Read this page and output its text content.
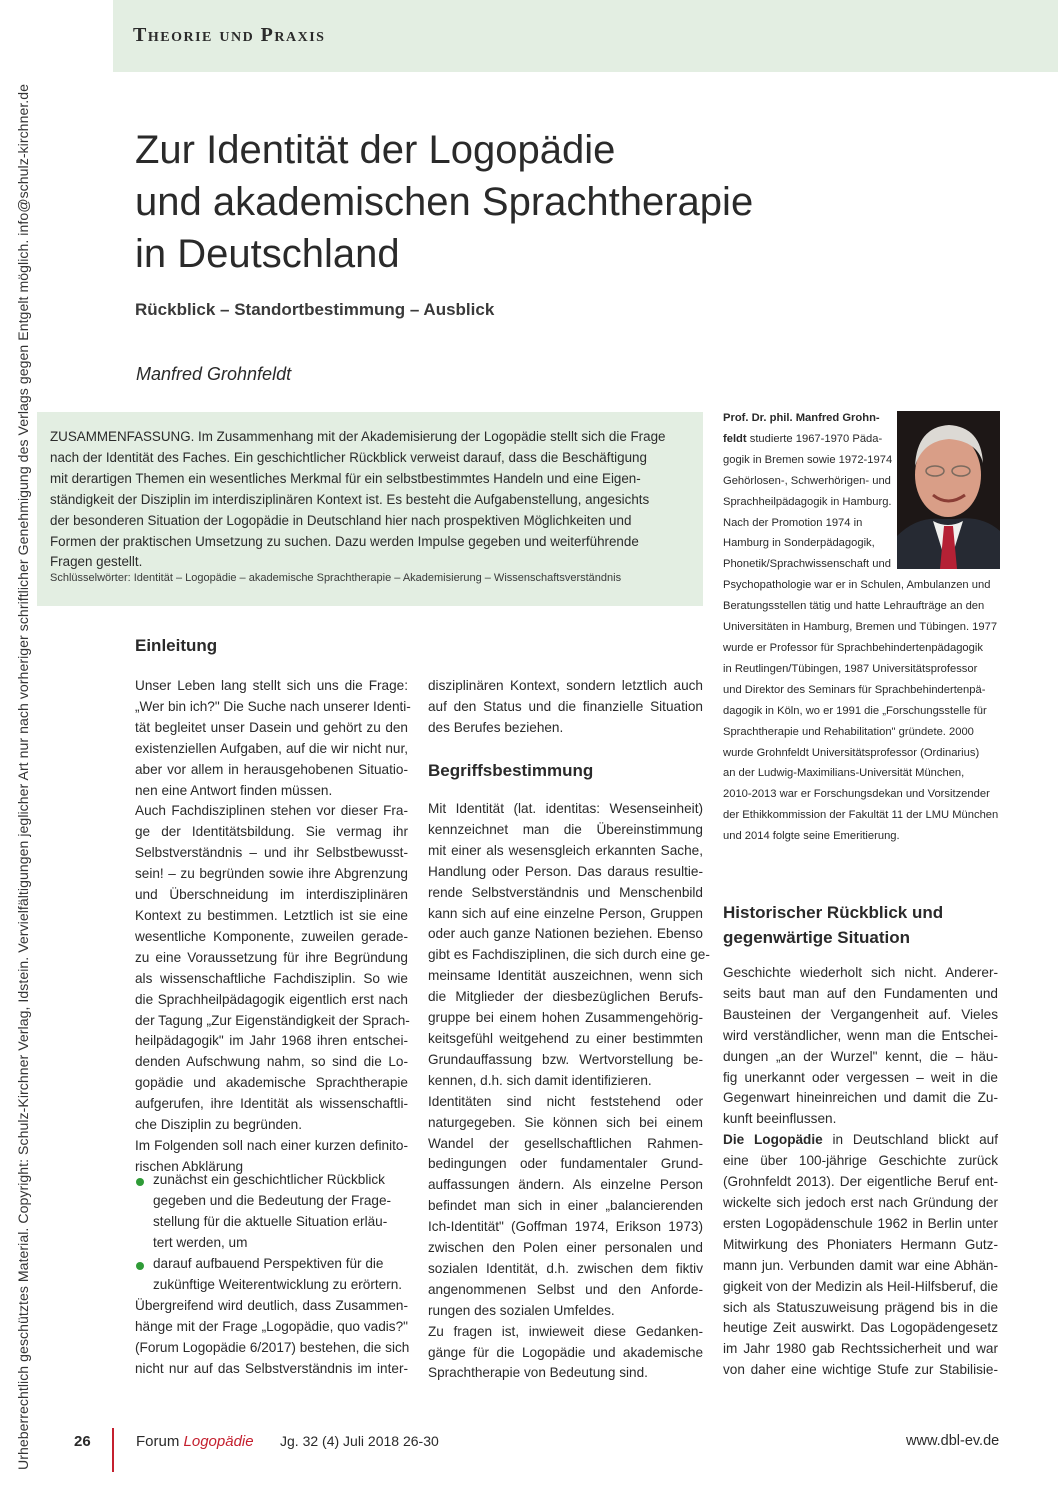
Urheberrechtlich geschütztes Material. Copyright: Schulz-Kirchner Verlag, Idstein. Vervielfältigungen jeglicher Art nur nach vorheriger schriftlicher Genehmigung des Verlags gegen Entgelt möglich. info@schulz-kirchner.de
Theorie und Praxis
Zur Identität der Logopädie
und akademischen Sprachtherapie
in Deutschland
Rückblick – Standortbestimmung – Ausblick
Manfred Grohnfeldt
ZUSAMMENFASSUNG. Im Zusammenhang mit der Akademisierung der Logopädie stellt sich die Frage
nach der Identität des Faches. Ein geschichtlicher Rückblick verweist darauf, dass die Beschäftigung
mit derartigen Themen ein wesentliches Merkmal für ein selbstbestimmtes Handeln und eine Eigen-
ständigkeit der Disziplin im interdisziplinären Kontext ist. Es besteht die Aufgabenstellung, angesichts
der besonderen Situation der Logopädie in Deutschland hier nach prospektiven Möglichkeiten und
Formen der praktischen Umsetzung zu suchen. Dazu werden Impulse gegeben und weiterführende
Fragen gestellt.
Schlüsselwörter: Identität – Logopädie – akademische Sprachtherapie – Akademisierung – Wissenschaftsverständnis
Prof. Dr. phil. Manfred Grohn-
feldt studierte 1967-1970 Päda-
gogik in Bremen sowie 1972-1974
Gehörlosen-, Schwerhörigen- und
Sprachheilpädagogik in Hamburg.
Nach der Promotion 1974 in
Hamburg in Sonderpädagogik,
Phonetik/Sprachwissenschaft und
Psychopathologie war er in Schulen, Ambulanzen und
Beratungsstellen tätig und hatte Lehraufträge an den
Universitäten in Hamburg, Bremen und Tübingen. 1977
wurde er Professor für Sprachbehindertenpädagogik
in Reutlingen/Tübingen, 1987 Universitätsprofessor
und Direktor des Seminars für Sprachbehindertenpä-
dagogik in Köln, wo er 1991 die „Forschungsstelle für
Sprachtherapie und Rehabilitation" gründete. 2000
wurde Grohnfeldt Universitätsprofessor (Ordinarius)
an der Ludwig-Maximilians-Universität München,
2010-2013 war er Forschungsdekan und Vorsitzender
der Ethikkommission der Fakultät 11 der LMU München
und 2014 folgte seine Emeritierung.
Einleitung
Unser Leben lang stellt sich uns die Frage:
„Wer bin ich?" Die Suche nach unserer Identi-
tät begleitet unser Dasein und gehört zu den
existenziellen Aufgaben, auf die wir nicht nur,
aber vor allem in herausgehobenen Situatio-
nen eine Antwort finden müssen.
Auch Fachdisziplinen stehen vor dieser Fra-
ge der Identitätsbildung. Sie vermag ihr
Selbstverständnis – und ihr Selbstbewusst-
sein! – zu begründen sowie ihre Abgrenzung
und Überschneidung im interdisziplinären
Kontext zu bestimmen. Letztlich ist sie eine
wesentliche Komponente, zuweilen gerade-
zu eine Voraussetzung für ihre Begründung
als wissenschaftliche Fachdisziplin. So wie
die Sprachheilpädagogik eigentlich erst nach
der Tagung „Zur Eigenständigkeit der Sprach-
heilpädagogik" im Jahr 1968 ihren entschei-
denden Aufschwung nahm, so sind die Lo-
gopädie und akademische Sprachtherapie
aufgerufen, ihre Identität als wissenschaftli-
che Disziplin zu begründen.
Im Folgenden soll nach einer kurzen definito-
rischen Abklärung
zunächst ein geschichtlicher Rückblick
gegeben und die Bedeutung der Frage-
stellung für die aktuelle Situation erläu-
tert werden, um
darauf aufbauend Perspektiven für die
zukünftige Weiterentwicklung zu erörtern.
Übergreifend wird deutlich, dass Zusammen-
hänge mit der Frage „Logopädie, quo vadis?"
(Forum Logopädie 6/2017) bestehen, die sich
nicht nur auf das Selbstverständnis im inter-
disziplinären Kontext, sondern letztlich auch
auf den Status und die finanzielle Situation
des Berufes beziehen.
Begriffsbestimmung
Mit Identität (lat. identitas: Wesenseinheit)
kennzeichnet man die Übereinstimmung
mit einer als wesensgleich erkannten Sache,
Handlung oder Person. Das daraus resultie-
rende Selbstverständnis und Menschenbild
kann sich auf eine einzelne Person, Gruppen
oder auch ganze Nationen beziehen. Ebenso
gibt es Fachdisziplinen, die sich durch eine ge-
meinsame Identität auszeichnen, wenn sich
die Mitglieder der diesbezüglichen Berufs-
gruppe bei einem hohen Zusammengehörig-
keitsgefühl weitgehend zu einer bestimmten
Grundauffassung bzw. Wertvorstellung be-
kennen, d.h. sich damit identifizieren.
Identitäten sind nicht feststehend oder
naturgegeben. Sie können sich bei einem
Wandel der gesellschaftlichen Rahmen-
bedingungen oder fundamentaler Grund-
auffassungen ändern. Als einzelne Person
befindet man sich in einer „balancierenden
Ich-Identität" (Goffman 1974, Erikson 1973)
zwischen den Polen einer personalen und
sozialen Identität, d.h. zwischen dem fiktiv
angenommenen Selbst und den Anforde-
rungen des sozialen Umfeldes.
Zu fragen ist, inwieweit diese Gedanken-
gänge für die Logopädie und akademische
Sprachtherapie von Bedeutung sind.
Historischer Rückblick und
gegenwärtige Situation
Geschichte wiederholt sich nicht. Anderer-
seits baut man auf den Fundamenten und
Bausteinen der Vergangenheit auf. Vieles
wird verständlicher, wenn man die Entschei-
dungen „an der Wurzel" kennt, die – häu-
fig unerkannt oder vergessen – weit in die
Gegenwart hineinreichen und damit die Zu-
kunft beeinflussen.
Die Logopädie in Deutschland blickt auf
eine über 100-jährige Geschichte zurück
(Grohnfeldt 2013). Der eigentliche Beruf ent-
wickelte sich jedoch erst nach Gründung der
ersten Logopädenschule 1962 in Berlin unter
Mitwirkung des Phoniaters Hermann Gutz-
mann jun. Verbunden damit war eine Abhän-
gigkeit von der Medizin als Heil-Hilfsberuf, die
sich als Statuszuweisung prägend bis in die
heutige Zeit auswirkt. Das Logopädengesetz
im Jahr 1980 gab Rechtssicherheit und war
von daher eine wichtige Stufe zur Stabilisie-
26	Forum Logopädie Jg. 32 (4) Juli 2018 26-30	www.dbl-ev.de
